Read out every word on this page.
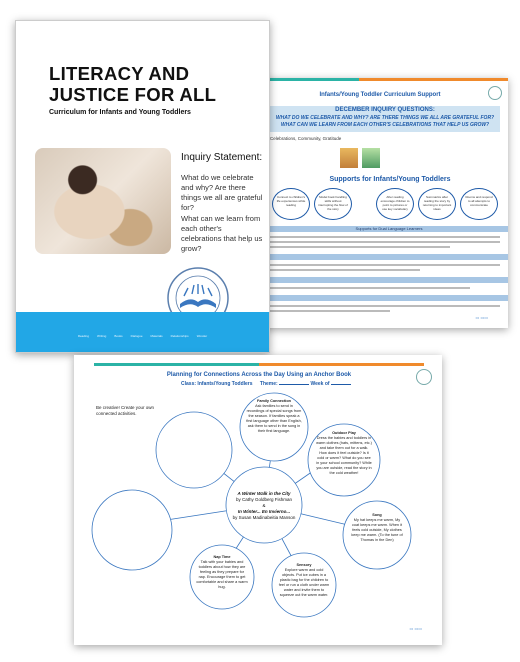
Infants/Young Toddler Curriculum Support
DECEMBER INQUIRY QUESTIONS:
WHAT DO WE CELEBRATE AND WHY? ARE THERE THINGS WE ALL ARE GRATEFUL FOR?
WHAT CAN WE LEARN FROM EACH OTHER'S CELEBRATIONS THAT HELP US GROW?
Celebrations, Community, Gratitude
Supports for Infants/Young Toddlers
Connect to children's life experiences while reading
Model book handling skills without interrupting the flow of the story
After reading encourage children to point to pictures or use key vocabulary
Summarize after reading the story by returning to important ideas
Rooms and respond to all attempts to communicate
Supports for Dual Language Learners
▭ ▭▭
LITERACY AND
JUSTICE FOR ALL
Curriculum for Infants and Young Toddlers
Inquiry Statement:
What do we celebrate and why? Are there things we all are grateful for?
What can we learn from each other's celebrations that help us grow?
Reading	Writing	Books	Dialogue	Materials	Relationships	Wonder
Planning for Connections Across the Day Using an Anchor Book
Class: Infants/Young Toddlers Theme:	Week of
Be creative! Create your own connected activities.
A Winter Walk in the City
by Cathy Goldberg Fishman
&
In Winter... En Invierno...
by Susan Madinabeitia Manson
Family Connection
Ask families to send in recordings of special songs from the season. If families speak a first language other than English, ask them to send in the song in their first language.	Outdoor Play
Dress the babies and toddlers in warm clothes (hats, mittens, etc.) and take them out for a walk. How does it feel outside? Is it cold or warm? What do you see in your school community? While you are outside, read the story in the cold weather!
Song
My hat keeps me warm, My coat keeps me warm. When it feels cold outside, My clothes keep me warm. (To the tune of Thomas in the Den)
Sensory
Explore warm and cold objects. Put ice cubes in a plastic bag for the children to feel or run a cloth under warm water and invite them to squeeze out the warm water.
Nap Time
Talk with your babies and toddlers about how they are feeling as they prepare for nap. Encourage them to get comfortable and share a warm hug.
▭ ▭▭
